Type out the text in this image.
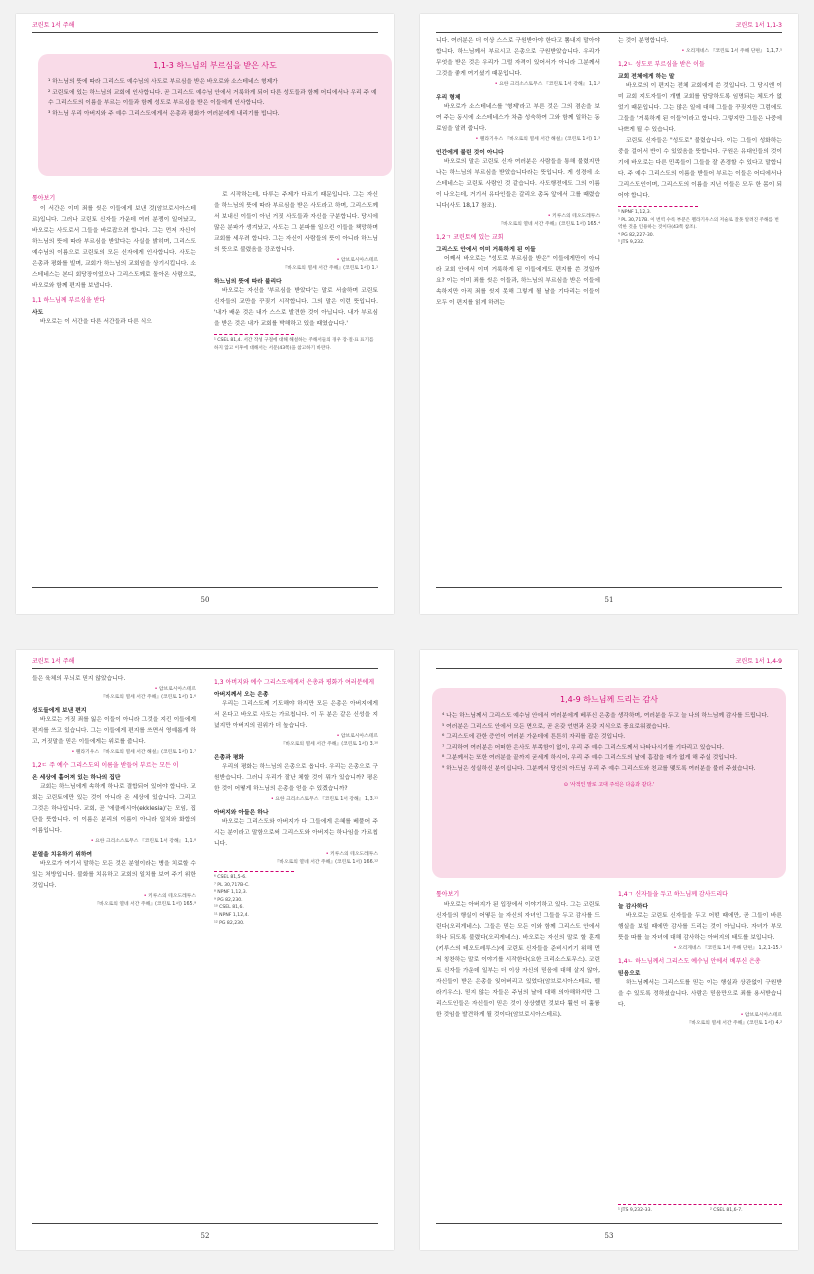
코린토 1서 주해
1,1-3 하느님의 부르심을 받은 사도
¹ 하느님의 뜻에 따라 그리스도 예수님의 사도로 부르심을 받은 바오로와 소스테네스 형제가
² 코린토에 있는 하느님의 교회에 인사합니다. 곧 그리스도 예수님 안에서 거룩하게 되어 다른 성도들과 함께 어디에서나 우리 주 예수 그리스도의 이름을 부르는 이들과 함께 성도로 부르심을 받은 이들에게 인사합니다.
³ 하느님 우리 아버지와 주 예수 그리스도에게서 은총과 평화가 여러분에게 내리기를 빕니다.
톺아보기

이 서간은 이미 죄를 씻은 이들에게 보낸 것(암브로시아스테르)입니다. 그러나 코린토 신자들 가운데 여러 분쟁이 일어났고, 바오로는 사도로서 그들을 바로잡으려 합니다. 그는 먼저 자신이 하느님의 뜻에 따라 부르심을 받았다는 사실을 밝히며, 그리스도 예수님의 이름으로 코린토의 모든 신자에게 인사합니다. 사도는 은총과 평화를 빌며, 교회가 하느님의 교회임을 상기시킵니다. 소스테네스는 본디 회당장이었으나 그리스도께로 돌아온 사람으로, 바오로와 함께 편지를 보냅니다.

1,1 하느님께 부르심을 받다
사도

바오로는 이 서간을 다른 서간들과 다른 식으

로 시작하는데, 다루는 주제가 다르기 때문입니다. 그는 자신을 하느님의 뜻에 따라 부르심을 받은 사도라고 하며, 그리스도께서 보내신 이들이 아닌 거짓 사도들과 자신을 구분합니다. 당시에 많은 분파가 생겨났고, 사도는 그 분파를 일으킨 이들을 책망하며 교회를 세우려 합니다. 그는 자신이 사람들의 뜻이 아니라 하느님의 뜻으로 불렸음을 강조합니다.

• 암브로시아스테르
『바오로의 열세 서간 주해』(코린토 1서) 1.¹
하느님의 뜻에 따라 불리다

바오로는 자신을 '부르심을 받았다'는 말로 서술하며 코린토 신자들의 교만을 꾸짖기 시작합니다. 그의 말은 이런 뜻입니다. '내가 배운 것은 내가 스스로 발견한 것이 아닙니다. 내가 부르심을 받은 것은 내가 교회를 박해하고 있을 때였습니다.'

¹ CSEL 81,4. 서간 작성 구절에 대해 해설하는 주해서들의 경우 장·절·표 표기를 하지 않고 이후에 대해서는 서문(43쪽)을 참고하기 바란다.
50
코린토 1서 1,1-3

니다. 여러분은 더 이상 스스로 구원받아야 한다고 뽐내지 말아야 합니다. 하느님께서 부르시고 은총으로 구원받았습니다. 우리가 무엇을 받은 것은 우리가 그럴 자격이 있어서가 아니라 그분께서 그것을 좋게 여기셨기 때문입니다.

• 요한 크리소스토무스 『코린토 1서 강해』 1,1.²
우리 형제

바오로가 소스테네스를 '형제'라고 부른 것은 그의 겸손을 보여 주는 동시에 소스테네스가 차츰 성숙하여 그와 함께 일하는 동료임을 알려 줍니다.

• 펠라기우스 『바오로의 열세 서간 해설』(코린토 1서) 1.³
인간에게 불린 것이 아니다

바오로의 말은 코린토 신자 여러분은 사람들을 통해 불렸지만 나는 하느님의 부르심을 받았습니다라는 뜻입니다. 게 성경에 소스테네스는 코린토 사람인 것 같습니다. 사도행전에도 그의 이름이 나오는데, 거기서 유다인들은 갈리오 총독 앞에서 그를 때렸습니다(사도 18,17 참조).

• 키루스의 테오도레투스
『바오로의 열네 서간 주해』(코린토 1서) 165.⁴
1,2ㄱ 코린토에 있는 교회
그리스도 안에서 이미 거룩하게 된 이들

어째서 바오로는 "성도로 부르심을 받은" 이들에게만이 아니라 교회 안에서 이미 거룩하게 된 이들에게도 편지를 쓴 것일까요? 이는 이미 죄를 씻은 이들과, 하느님의 부르심을 받은 이들에 속하지만 아직 죄를 씻지 못해 그렇게 될 날을 기다리는 이들이 모두 이 편지를 읽게 하려는

는 것이 분명합니다.

• 오리게네스 『코린토 1서 주해 단편』 1,1,7.⁵
1,2ㄴ 성도로 부르심을 받은 이들
교회 전체에게 하는 말

바오로의 이 편지는 전체 교회에게 쓴 것입니다. 그 당시엔 이미 교회 지도자들이 개별 교회를 담당하도록 임명되는 체도가 없었기 때문입니다. 그는 많은 일에 대해 그들을 꾸짖지만 그럼에도 그들을 '거룩하게 된 이들'이라고 합니다. 그렇지만 그들은 나중에 나쁘게 될 수 있습니다.

코린토 신자들은 "성도로" 불렸습니다. 이는 그들이 성화하는 중을 걸어서 반이 수 있었음을 뜻합니다. 구원은 유대인들의 것이기에 바오로는 다른 민족들이 그들을 잘 존경할 수 있다고 말합니다. 주 예수 그리스도의 이름을 받들어 부르는 이들은 어디에서나 그리스도인이며, 그리스도의 이름을 지닌 이들은 모두 한 몸이 되어야 합니다.

⁵ NPNF 1,12,3.
³ PL 30,717B. 이 번역 수록 부분은 펠라기우스의 저술로 잘못 알려진 주해를 번역한 것을 인용하는 것이다(43쪽 참조).
⁴ PG 82,227-30.
⁵ JTS 9,232.
51
코린토 1서 주해

들은 육체의 무늬로 믿지 않았습니다.

• 암브로시아스테르
『바오로의 열세 서간 주해』(코린토 1서) 1.⁶
성도들에게 보낸 편지

바오로는 거짓 죄를 잃은 이들이 아니라 그것을 지킨 이들에게 편지를 쓰고 있습니다. 그는 이들에게 편지를 쓰면서 영예롭게 하고, 거짓말을 믿은 이들에게는 위로를 줍니다.

• 펠라기우스 『바오로의 열세 서간 해설』(코린토 1서) 1.⁷
1,2ㄷ 주 예수 그리스도의 이름을 받들어 부르는 모든 이
온 세상에 흩어져 있는 하나의 집단

교회는 하느님에게 속하게 하나로 결합되어 있어야 합니다. 교회는 코린토에만 있는 것이 아니라 온 세상에 있습니다. 그리고 그것은 하나입니다. 교회, 곧 '에클레시아(ekklesia)'는 모임, 집단을 뜻합니다. 이 이름은 분리의 이름이 아니라 일치와 화합의 이름입니다.

• 요한 크리소스토무스 『코린토 1서 강해』 1,1.⁸
분열을 치유하기 위하여

바오로가 여기서 말하는 모든 것은 분열이라는 병을 치료할 수 있는 처방입니다. 불화를 치유하고 교회의 일치를 보여 주기 위한 것입니다.

• 키루스의 테오도레투스
『바오로의 열네 서간 주해』(코린토 1서) 165.⁹
1,3 아버지와 예수 그리스도에게서 은총과 평화가 여러분에게
아버지께서 오는 은총

우리는 그리스도께 기도해야 하지만 모든 은총은 아버지에게서 온다고 바오로 사도는 가르칩니다. 이 두 분은 같은 신성을 지녔지만 아버지의 권위가 더 높습니다.

• 암브로시아스테르
『바오로의 열세 서간 주해』(코린토 1서) 3.¹⁰
은총과 평화

우리의 평화는 하느님의 은총으로 옵니다. 우리는 은총으로 구원받습니다. 그러니 우리가 잘난 체할 것이 뭐가 있습니까? 평온한 것이 어떻게 하느님의 은총을 얻을 수 있겠습니까?

• 요한 크리소스토무스 『코린토 1서 강해』 1,3.¹¹
아버지와 아들은 하나

바오로는 그리스도와 아버지가 다 그들에게 은혜를 베풀어 주시는 분이라고 말함으로써 그리스도와 아버지는 하나임을 가르칩니다.

• 키루스의 테오도레투스
『바오로의 열네 서간 주해』(코린토 1서) 166.¹²
⁶ CSEL 81,5-6.
⁷ PL 30,717B-C.
⁸ NPNF 1,12,3.
⁹ PG 82,230.
¹⁰ CSEL 81,6.
¹¹ NPNF 1,12,4.
¹² PG 82,230.
52
코린토 1서 1,4-9
1,4-9 하느님께 드리는 감사
⁴ 나는 하느님께서 그리스도 예수님 안에서 여러분에게 베푸신 은총을 생각하며, 여러분을 두고 늘 나의 하느님께 감사를 드립니다.
⁵ 여러분은 그리스도 안에서 모든 면으로, 곧 온갖 언변과 온갖 지식으로 풍요로워졌습니다.
⁶ 그리스도에 관한 증언이 여러분 가운데에 튼튼히 자리를 잡은 것입니다.
⁷ 그리하여 여러분은 어떠한 은사도 부족함이 없이, 우리 주 예수 그리스도께서 나타나시기를 기다리고 있습니다.
⁸ 그분께서는 또한 여러분을 끝까지 굳세게 하시어, 우리 주 예수 그리스도의 날에 흠잡을 데가 없게 해 주실 것입니다.
⁹ 하느님은 성실하신 분이십니다. 그분께서 당신의 아드님 우리 주 예수 그리스도와 친교를 맺도록 여러분을 불러 주셨습니다.
⊙ '사적인 말로 고대 주석은 다음과 같다.'
톺아보기

바오로는 아버지가 된 입장에서 이야기하고 있다. 그는 코린토 신자들의 행실이 어떻든 늘 자신의 자녀인 그들을 두고 감사를 드린다(오리게네스). 그들은 믿는 모든 이와 함께 그리스도 안에서 하나 되도록 불렸다(오리게네스). 바오로는 자신의 말로 할 훈계(키루스의 테오도레투스)에 코린토 신자들을 준비시키기 위해 먼저 칭찬하는 말로 이야기를 시작한다(요한 크리소스토무스). 코린토 신자들 가운데 일부는 더 이상 자신의 믿음에 대해 살지 않아, 자신들이 받은 은총을 잊어버리고 있었다(암브로시아스테르, 펠라기우스). 믿지 않는 자들은 주님의 날에 대해 의아해하지만 그리스도인들은 자신들이 믿은 것이 상상했던 것보다 훨씬 더 훌륭한 것임을 발견하게 될 것이다(암브로시아스테르).

1,4ㄱ 신자들을 두고 하느님께 감사드리다
늘 감사하다

바오로는 코린토 신자들을 두고 어떤 때에만, 곧 그들이 바른 행실을 보일 때에만 감사를 드리는 것이 아닙니다. 자녀가 부모 뜻을 따를 늘 자녀에 대해 감사하는 아버지의 태도를 보입니다.

• 오리게네스 『코린토 1서 주해 단편』 1,2,1-15.¹
1,4ㄴ 하느님께서 그리스도 예수님 안에서 베푸신 은총
믿음으로

하느님께서는 그리스도를 믿는 이는 행실과 상관없이 구원받을 수 있도록 정하셨습니다. 사람은 믿음만으로 죄를 용서받습니다.

• 암브로시아스테르
『바오로의 열세 서간 주해』(코린토 1서) 4.²
¹ JTS 9,232-33.	² CSEL 81,6-7.
53
